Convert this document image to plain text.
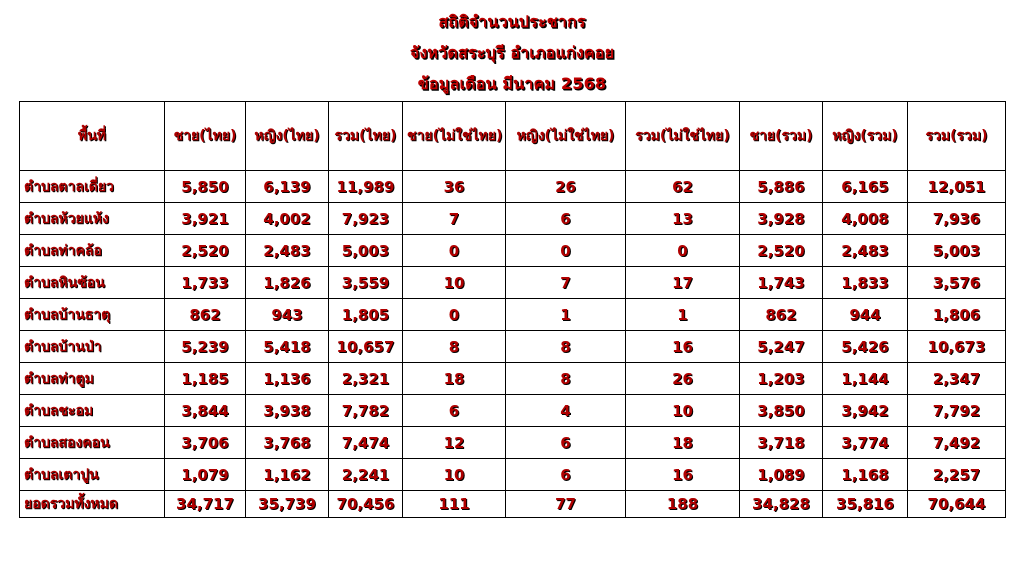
สถิติจำนวนประชากร
จังหวัดสระบุรี อำเภอแก่งคอย
ข้อมูลเดือน มีนาคม 2568
พื้นที่	ชาย(ไทย)	หญิง(ไทย)	รวม(ไทย)	ชาย(ไม่ใช่ไทย)	หญิง(ไม่ใช่ไทย)	รวม(ไม่ใช่ไทย)	ชาย(รวม)	หญิง(รวม)	รวม(รวม)
ตำบลตาลเดี่ยว	5,850	6,139	11,989	36	26	62	5,886	6,165	12,051
ตำบลห้วยแห้ง	3,921	4,002	7,923	7	6	13	3,928	4,008	7,936
ตำบลท่าคล้อ	2,520	2,483	5,003	0	0	0	2,520	2,483	5,003
ตำบลหินซ้อน	1,733	1,826	3,559	10	7	17	1,743	1,833	3,576
ตำบลบ้านธาตุ	862	943	1,805	0	1	1	862	944	1,806
ตำบลบ้านป่า	5,239	5,418	10,657	8	8	16	5,247	5,426	10,673
ตำบลท่าตูม	1,185	1,136	2,321	18	8	26	1,203	1,144	2,347
ตำบลชะอม	3,844	3,938	7,782	6	4	10	3,850	3,942	7,792
ตำบลสองคอน	3,706	3,768	7,474	12	6	18	3,718	3,774	7,492
ตำบลเตาปูน	1,079	1,162	2,241	10	6	16	1,089	1,168	2,257
ยอดรวมทั้งหมด	34,717	35,739	70,456	111	77	188	34,828	35,816	70,644
